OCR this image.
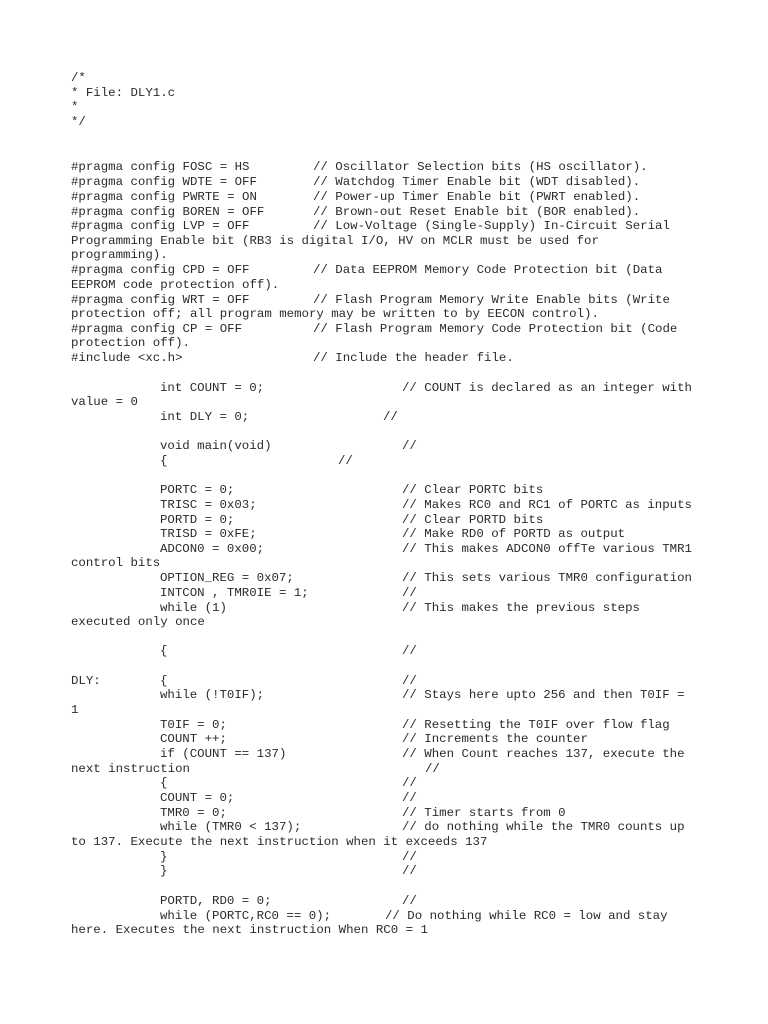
/*
* File: DLY1.c
*
*/
#pragma config FOSC = HS	// Oscillator Selection bits (HS oscillator).
#pragma config WDTE = OFF	// Watchdog Timer Enable bit (WDT disabled).
#pragma config PWRTE = ON	// Power-up Timer Enable bit (PWRT enabled).
#pragma config BOREN = OFF	// Brown-out Reset Enable bit (BOR enabled).
#pragma config LVP = OFF	// Low-Voltage (Single-Supply) In-Circuit Serial
Programming Enable bit (RB3 is digital I/O, HV on MCLR must be used for
programming).
#pragma config CPD = OFF	// Data EEPROM Memory Code Protection bit (Data
EEPROM code protection off).
#pragma config WRT = OFF	// Flash Program Memory Write Enable bits (Write
protection off; all program memory may be written to by EECON control).
#pragma config CP = OFF	// Flash Program Memory Code Protection bit (Code
protection off).
#include <xc.h>	// Include the header file.
int COUNT = 0;	// COUNT is declared as an integer with
value = 0
int DLY = 0;	//
void main(void)	//
{	//
PORTC = 0;	// Clear PORTC bits
TRISC = 0x03;	// Makes RC0 and RC1 of PORTC as inputs
PORTD = 0;	// Clear PORTD bits
TRISD = 0xFE;	// Make RD0 of PORTD as output
ADCON0 = 0x00;	// This makes ADCON0 offTe various TMR1
control bits
OPTION_REG = 0x07;	// This sets various TMR0 configuration
INTCON , TMR0IE = 1;	//
while (1)	// This makes the previous steps
executed only once
{	//
DLY:	{	//
while (!T0IF);	// Stays here upto 256 and then T0IF =
1
T0IF = 0;	// Resetting the T0IF over flow flag
COUNT ++;	// Increments the counter
if (COUNT == 137)	// When Count reaches 137, execute the
next instruction	//
{	//
COUNT = 0;	//
TMR0 = 0;	// Timer starts from 0
while (TMR0 < 137);	// do nothing while the TMR0 counts up
to 137. Execute the next instruction when it exceeds 137
}	//
}	//
PORTD, RD0 = 0;	//
while (PORTC,RC0 == 0);	// Do nothing while RC0 = low and stay
here. Executes the next instruction When RC0 = 1
